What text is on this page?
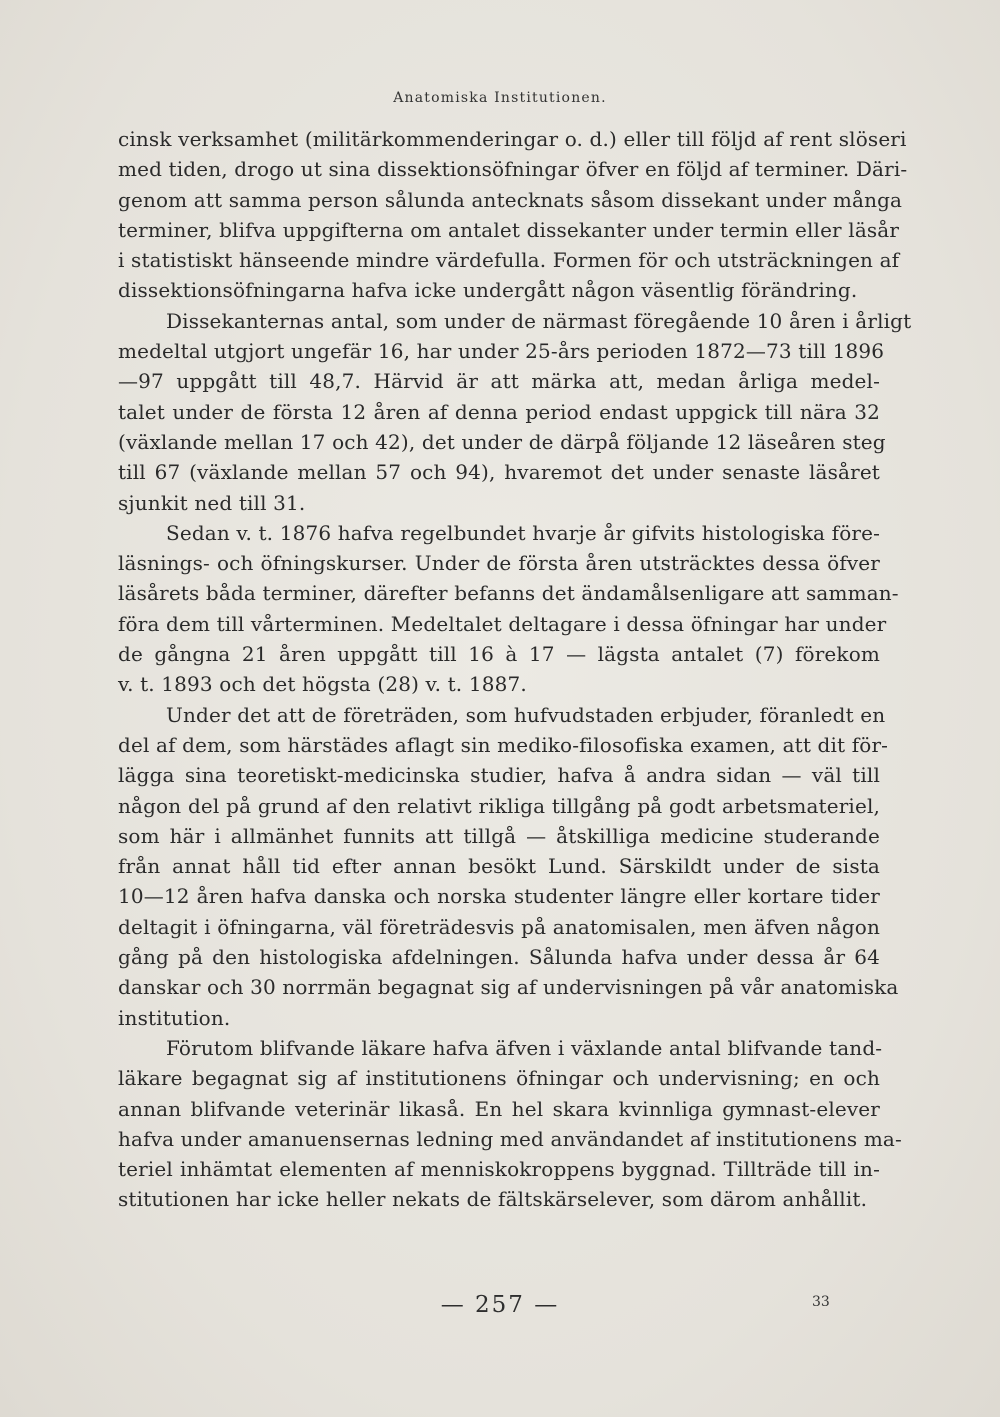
Anatomiska Institutionen.
cinsk verksamhet (militärkommenderingar o. d.) eller till följd af rent slöseri
med tiden, drogo ut sina dissektionsöfningar öfver en följd af terminer. Däri-
genom att samma person sålunda antecknats såsom dissekant under många
terminer, blifva uppgifterna om antalet dissekanter under termin eller läsår
i statistiskt hänseende mindre värdefulla. Formen för och utsträckningen af
dissektionsöfningarna hafva icke undergått någon väsentlig förändring.
Dissekanternas antal, som under de närmast föregående 10 åren i årligt
medeltal utgjort ungefär 16, har under 25-års perioden 1872—73 till 1896
—97 uppgått till 48,7. Härvid är att märka att, medan årliga medel-
talet under de första 12 åren af denna period endast uppgick till nära 32
(växlande mellan 17 och 42), det under de därpå följande 12 läseåren steg
till 67 (växlande mellan 57 och 94), hvaremot det under senaste läsåret
sjunkit ned till 31.
Sedan v. t. 1876 hafva regelbundet hvarje år gifvits histologiska före-
läsnings- och öfningskurser. Under de första åren utsträcktes dessa öfver
läsårets båda terminer, därefter befanns det ändamålsenligare att samman-
föra dem till vårterminen. Medeltalet deltagare i dessa öfningar har under
de gångna 21 åren uppgått till 16 à 17 — lägsta antalet (7) förekom
v. t. 1893 och det högsta (28) v. t. 1887.
Under det att de företräden, som hufvudstaden erbjuder, föranledt en
del af dem, som härstädes aflagt sin mediko-filosofiska examen, att dit för-
lägga sina teoretiskt-medicinska studier, hafva å andra sidan — väl till
någon del på grund af den relativt rikliga tillgång på godt arbetsmateriel,
som här i allmänhet funnits att tillgå — åtskilliga medicine studerande
från annat håll tid efter annan besökt Lund. Särskildt under de sista
10—12 åren hafva danska och norska studenter längre eller kortare tider
deltagit i öfningarna, väl företrädesvis på anatomisalen, men äfven någon
gång på den histologiska afdelningen. Sålunda hafva under dessa år 64
danskar och 30 norrmän begagnat sig af undervisningen på vår anatomiska
institution.
Förutom blifvande läkare hafva äfven i växlande antal blifvande tand-
läkare begagnat sig af institutionens öfningar och undervisning; en och
annan blifvande veterinär likaså. En hel skara kvinnliga gymnast-elever
hafva under amanuensernas ledning med användandet af institutionens ma-
teriel inhämtat elementen af menniskokroppens byggnad. Tillträde till in-
stitutionen har icke heller nekats de fältskärselever, som därom anhållit.
— 257 —	33
